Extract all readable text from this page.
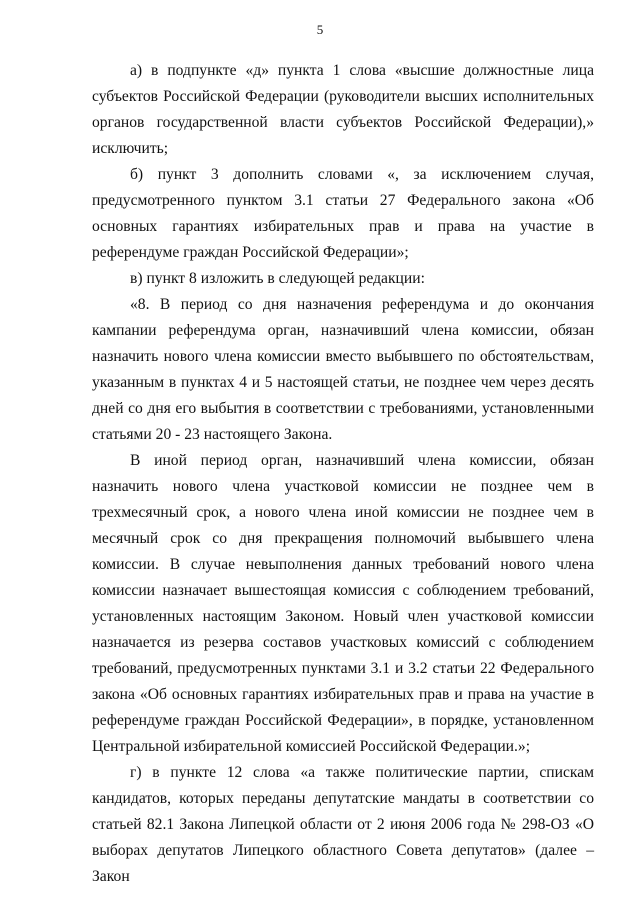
5

а) в подпункте «д» пункта 1 слова «высшие должностные лица субъектов Российской Федерации (руководители высших исполнительных органов государственной власти субъектов Российской Федерации),» исключить;

б) пункт 3 дополнить словами «, за исключением случая, предусмотренного пунктом 3.1 статьи 27 Федерального закона «Об основных гарантиях избирательных прав и права на участие в референдуме граждан Российской Федерации»;

в) пункт 8 изложить в следующей редакции:

«8. В период со дня назначения референдума и до окончания кампании референдума орган, назначивший члена комиссии, обязан назначить нового члена комиссии вместо выбывшего по обстоятельствам, указанным в пунктах 4 и 5 настоящей статьи, не позднее чем через десять дней со дня его выбытия в соответствии с требованиями, установленными статьями 20 - 23 настоящего Закона.

В иной период орган, назначивший члена комиссии, обязан назначить нового члена участковой комиссии не позднее чем в трехмесячный срок, а нового члена иной комиссии не позднее чем в месячный срок со дня прекращения полномочий выбывшего члена комиссии. В случае невыполнения данных требований нового члена комиссии назначает вышестоящая комиссия с соблюдением требований, установленных настоящим Законом. Новый член участковой комиссии назначается из резерва составов участковых комиссий с соблюдением требований, предусмотренных пунктами 3.1 и 3.2 статьи 22 Федерального закона «Об основных гарантиях избирательных прав и права на участие в референдуме граждан Российской Федерации», в порядке, установленном Центральной избирательной комиссией Российской Федерации.»;

г) в пункте 12 слова «а также политические партии, спискам кандидатов, которых переданы депутатские мандаты в соответствии со статьей 82.1 Закона Липецкой области от 2 июня 2006 года № 298-ОЗ «О выборах депутатов Липецкого областного Совета депутатов» (далее – Закон
